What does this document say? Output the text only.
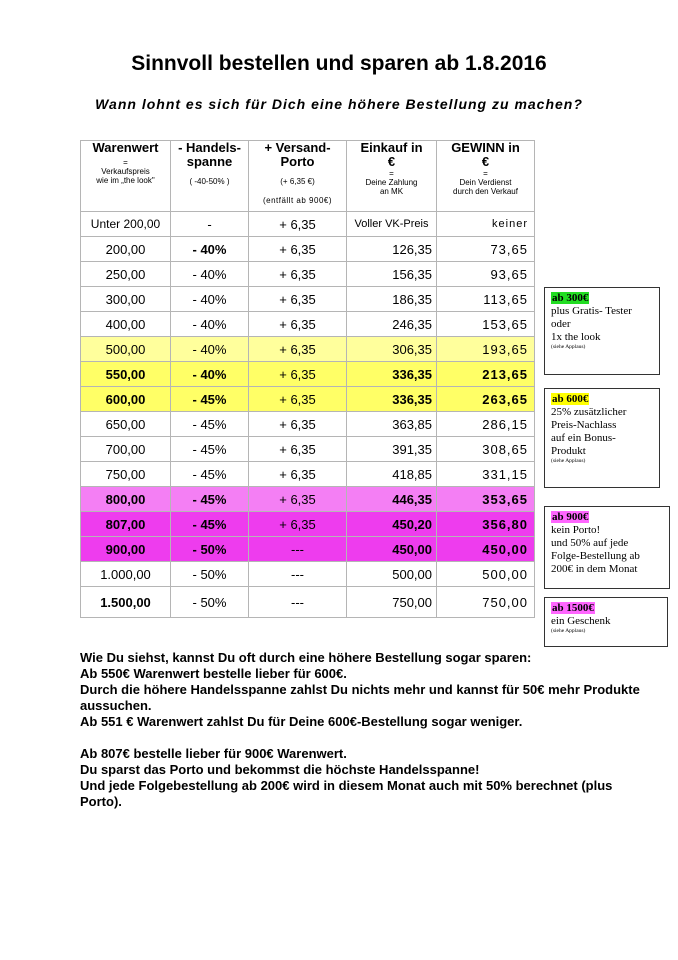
Sinnvoll bestellen und sparen ab 1.8.2016
Wann lohnt es sich für Dich eine höhere Bestellung zu machen?
Warenwert
=
Verkaufspreis
wie im „the look"	- Handels-
spanne
( -40-50% )	+ Versand-
Porto
(+ 6,35 €)
(entfällt ab 900€)	Einkauf in
€
=
Deine Zahlung
an MK	GEWINN in
€
=
Dein Verdienst
durch den Verkauf

Unter 200,00	-	+ 6,35	Voller VK-Preis	keiner
200,00	- 40%	+ 6,35	126,35	73,65
250,00	- 40%	+ 6,35	156,35	93,65
300,00	- 40%	+ 6,35	186,35	113,65
400,00	- 40%	+ 6,35	246,35	153,65
500,00	- 40%	+ 6,35	306,35	193,65
550,00	- 40%	+ 6,35	336,35	213,65
600,00	- 45%	+ 6,35	336,35	263,65
650,00	- 45%	+ 6,35	363,85	286,15
700,00	- 45%	+ 6,35	391,35	308,65
750,00	- 45%	+ 6,35	418,85	331,15
800,00	- 45%	+ 6,35	446,35	353,65
807,00	- 45%	+ 6,35	450,20	356,80
900,00	- 50%	---	450,00	450,00
1.000,00	- 50%	---	500,00	500,00
1.500,00	- 50%	---	750,00	750,00
ab 300€
plus Gratis- Tester
oder
1x the look
(siehe Applaus)
ab 600€
25% zusätzlicher
Preis-Nachlass
auf ein Bonus-
Produkt
(siehe Applaus)
ab 900€
kein Porto!
und 50% auf jede
Folge-Bestellung ab
200€ in dem Monat
ab 1500€
ein Geschenk
(siehe Applaus)

Wie Du siehst, kannst Du oft durch eine höhere Bestellung sogar sparen:

Ab 550€ Warenwert bestelle lieber für 600€.

Durch die höhere Handelsspanne zahlst Du nichts mehr und kannst für 50€ mehr Produkte aussuchen.

Ab 551 € Warenwert zahlst Du für Deine 600€-Bestellung sogar weniger.

Ab 807€ bestelle lieber für 900€ Warenwert.

Du sparst das Porto und bekommst die höchste Handelsspanne!

Und jede Folgebestellung ab 200€ wird in diesem Monat auch mit 50% berechnet (plus Porto).
